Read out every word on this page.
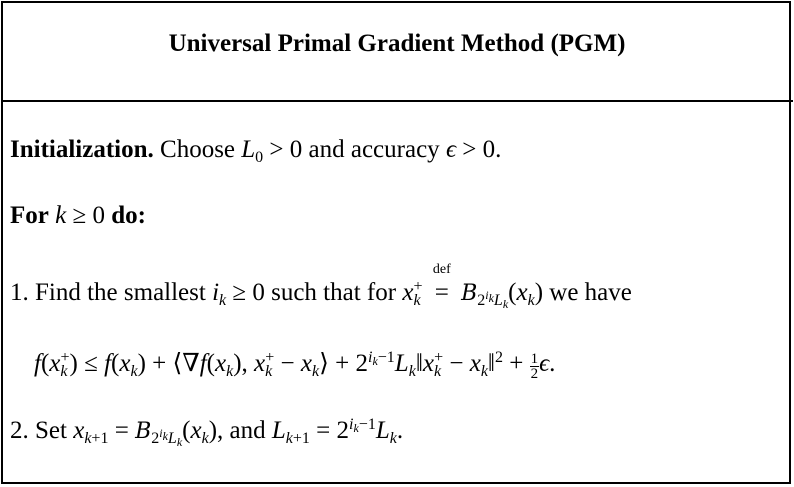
Universal Primal Gradient Method (PGM)
Initialization. Choose $L_0 > 0$ and accuracy ϵ > 0.
For k ≥ 0 do:
1. Find the smallest $i_k \ge 0$ such that for $x_k^+$
def
= $B_{2^{i_k}L_k}(x_k)$ we have
$f(x_k^+) \le f(x_k)$ + $⟨\nabla f(x_k)$, $x_k^+$ − $x_k⟩$ + $2^{i_k-1}L_k‖x_k^+$ − $x_k‖^2 + \frac{1}{2} \epsilon$.
2. Set $x_{k+1} = B_{2^{i_k}L_k}(x_k)$, and $L_{k+1} = 2^{i_k-1}L_k$.
